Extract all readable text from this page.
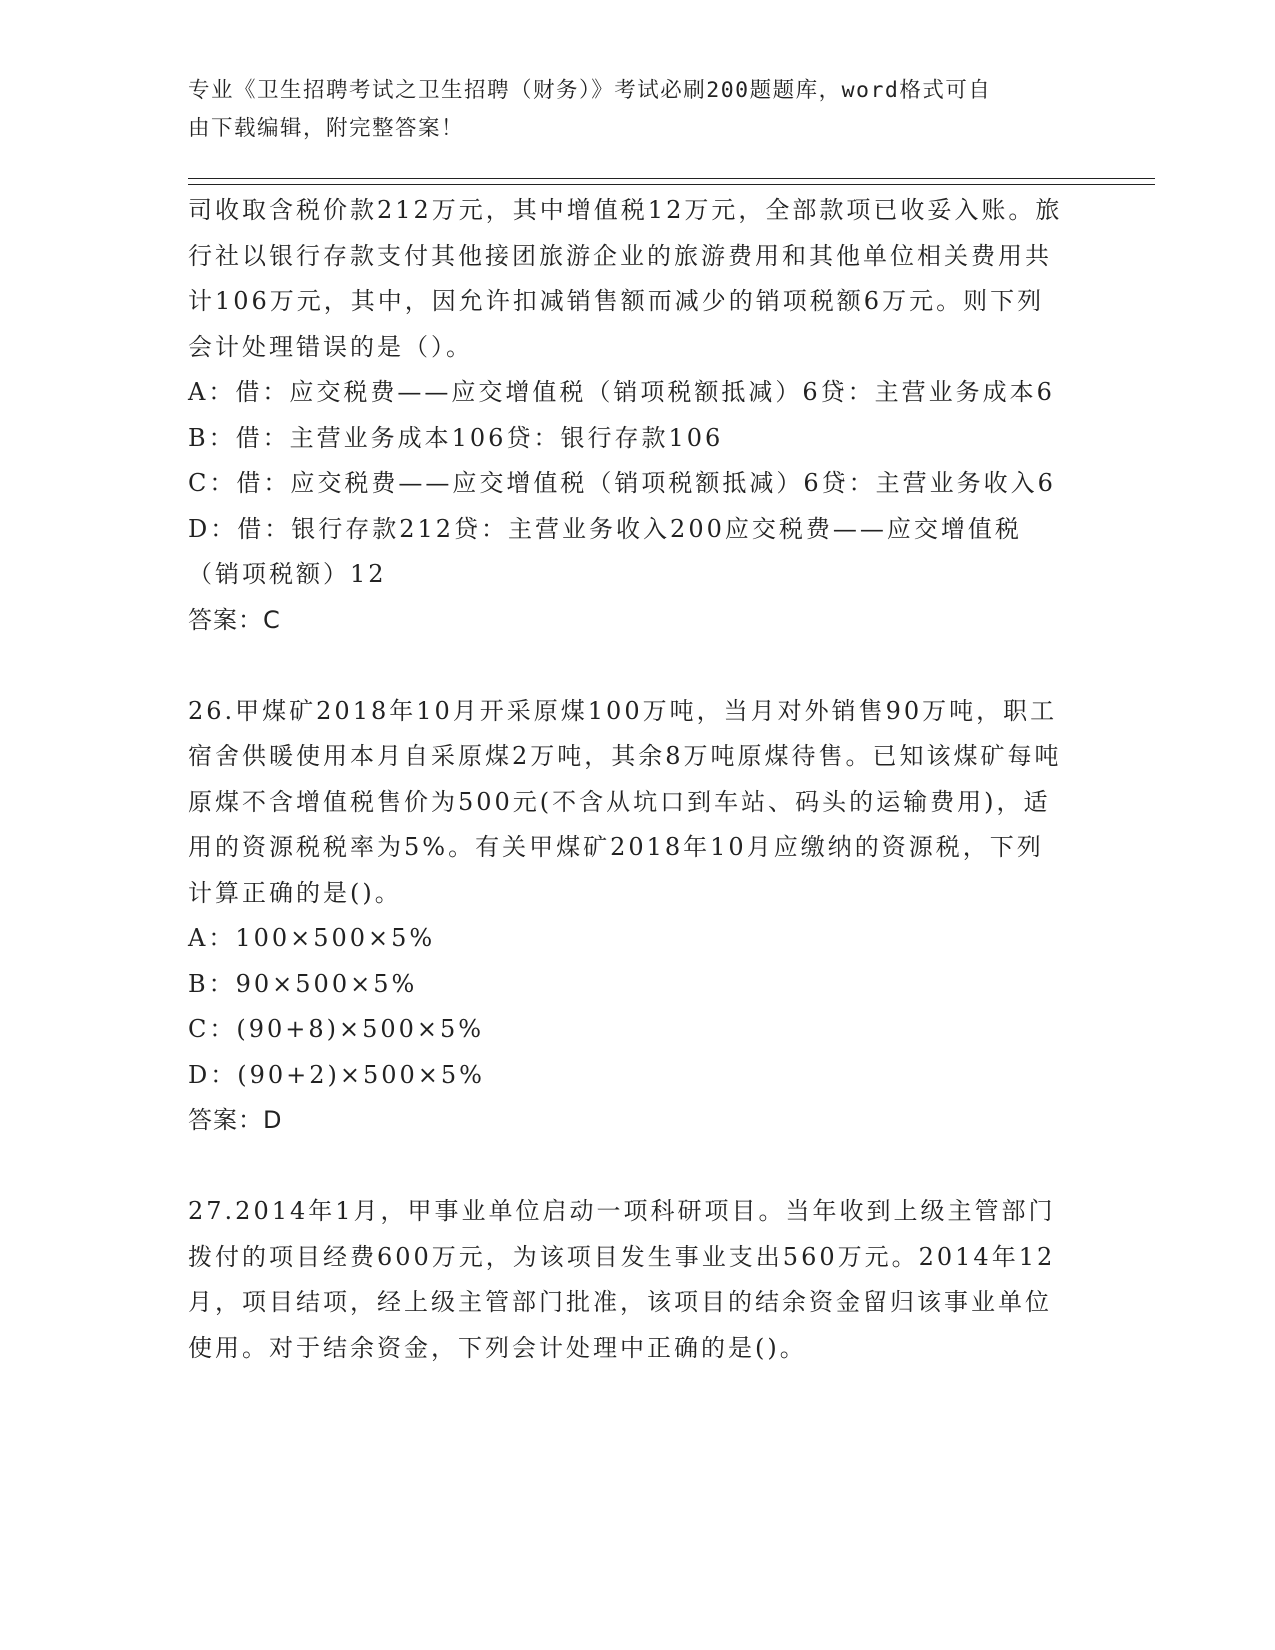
专业《卫生招聘考试之卫生招聘（财务）》考试必刷200题题库，word格式可自
由下载编辑，附完整答案！

司收取含税价款212万元，其中增值税12万元，全部款项已收妥入账。旅行社以银行存款支付其他接团旅游企业的旅游费用和其他单位相关费用共计106万元，其中，因允许扣减销售额而减少的销项税额6万元。则下列会计处理错误的是（）。

A：借：应交税费——应交增值税（销项税额抵减）6贷：主营业务成本6

B：借：主营业务成本106贷：银行存款106

C：借：应交税费——应交增值税（销项税额抵减）6贷：主营业务收入6

D：借：银行存款212贷：主营业务收入200应交税费——应交增值税（销项税额）12

答案：C

26.甲煤矿2018年10月开采原煤100万吨，当月对外销售90万吨，职工宿舍供暖使用本月自采原煤2万吨，其余8万吨原煤待售。已知该煤矿每吨原煤不含增值税售价为500元(不含从坑口到车站、码头的运输费用)，适用的资源税税率为5%。有关甲煤矿2018年10月应缴纳的资源税，下列计算正确的是()。

A：100×500×5%

B：90×500×5%

C：(90+8)×500×5%

D：(90+2)×500×5%

答案：D

27.2014年1月，甲事业单位启动一项科研项目。当年收到上级主管部门拨付的项目经费600万元，为该项目发生事业支出560万元。2014年12月，项目结项，经上级主管部门批准，该项目的结余资金留归该事业单位使用。对于结余资金，下列会计处理中正确的是()。
